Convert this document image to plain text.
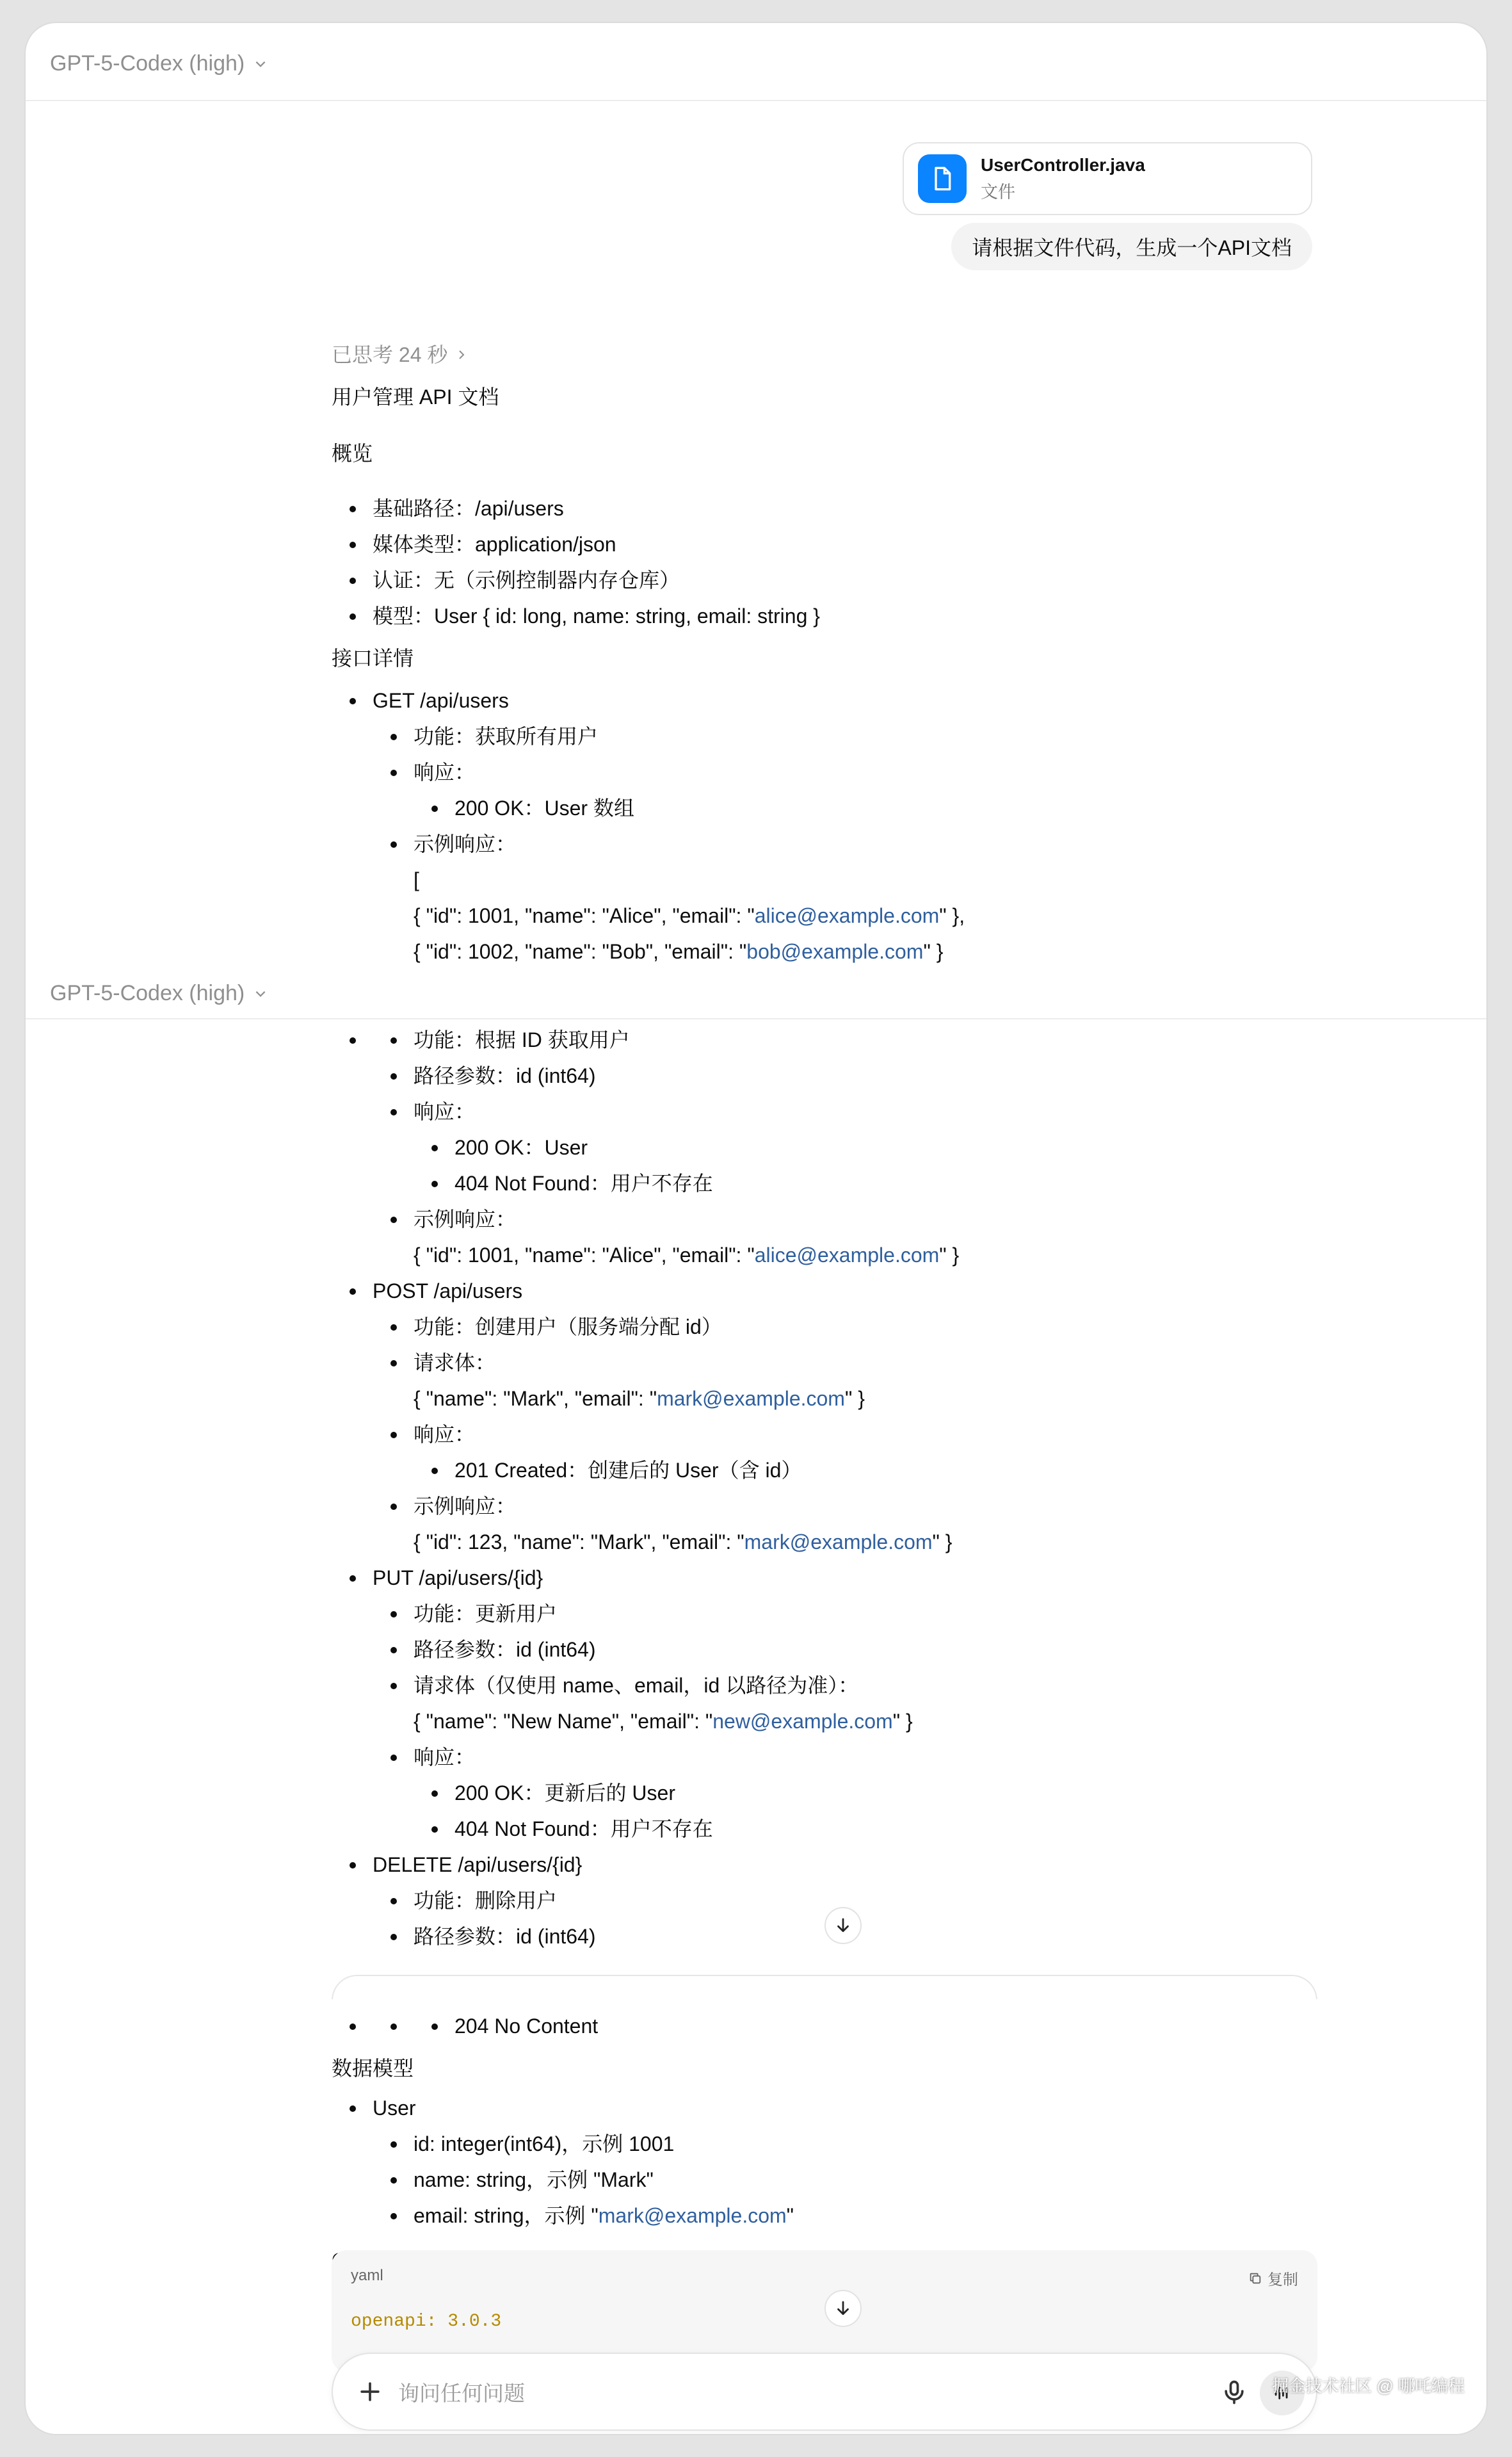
GPT-5-Codex (high)
UserController.java
文件
请根据文件代码，生成一个API文档
已思考 24 秒
用户管理 API 文档
概览
基础路径：/api/users
媒体类型：application/json
认证：无（示例控制器内存仓库）
模型：User { id: long, name: string, email: string }
接口详情
GET /api/users
功能：获取所有用户
响应：
200 OK：User 数组
示例响应：
[
{ "id": 1001, "name": "Alice", "email": "alice@example.com" },
{ "id": 1002, "name": "Bob", "email": "bob@example.com" }
GPT-5-Codex (high)
功能：根据 ID 获取用户
路径参数：id (int64)
响应：
200 OK：User
404 Not Found：用户不存在
示例响应：
{ "id": 1001, "name": "Alice", "email": "alice@example.com" }
POST /api/users
功能：创建用户（服务端分配 id）
请求体：
{ "name": "Mark", "email": "mark@example.com" }
响应：
201 Created：创建后的 User（含 id）
示例响应：
{ "id": 123, "name": "Mark", "email": "mark@example.com" }
PUT /api/users/{id}
功能：更新用户
路径参数：id (int64)
请求体（仅使用 name、email，id 以路径为准）：
{ "name": "New Name", "email": "new@example.com" }
响应：
200 OK：更新后的 User
404 Not Found：用户不存在
DELETE /api/users/{id}
功能：删除用户
路径参数：id (int64)
204 No Content
数据模型
User
id: integer(int64)，示例 1001
name: string，示例 "Mark"
email: string，示例 "mark@example.com"
yaml	复制
openapi: 3.0.3
询问任何问题	掘金技术社区 @ 哪吒编程
